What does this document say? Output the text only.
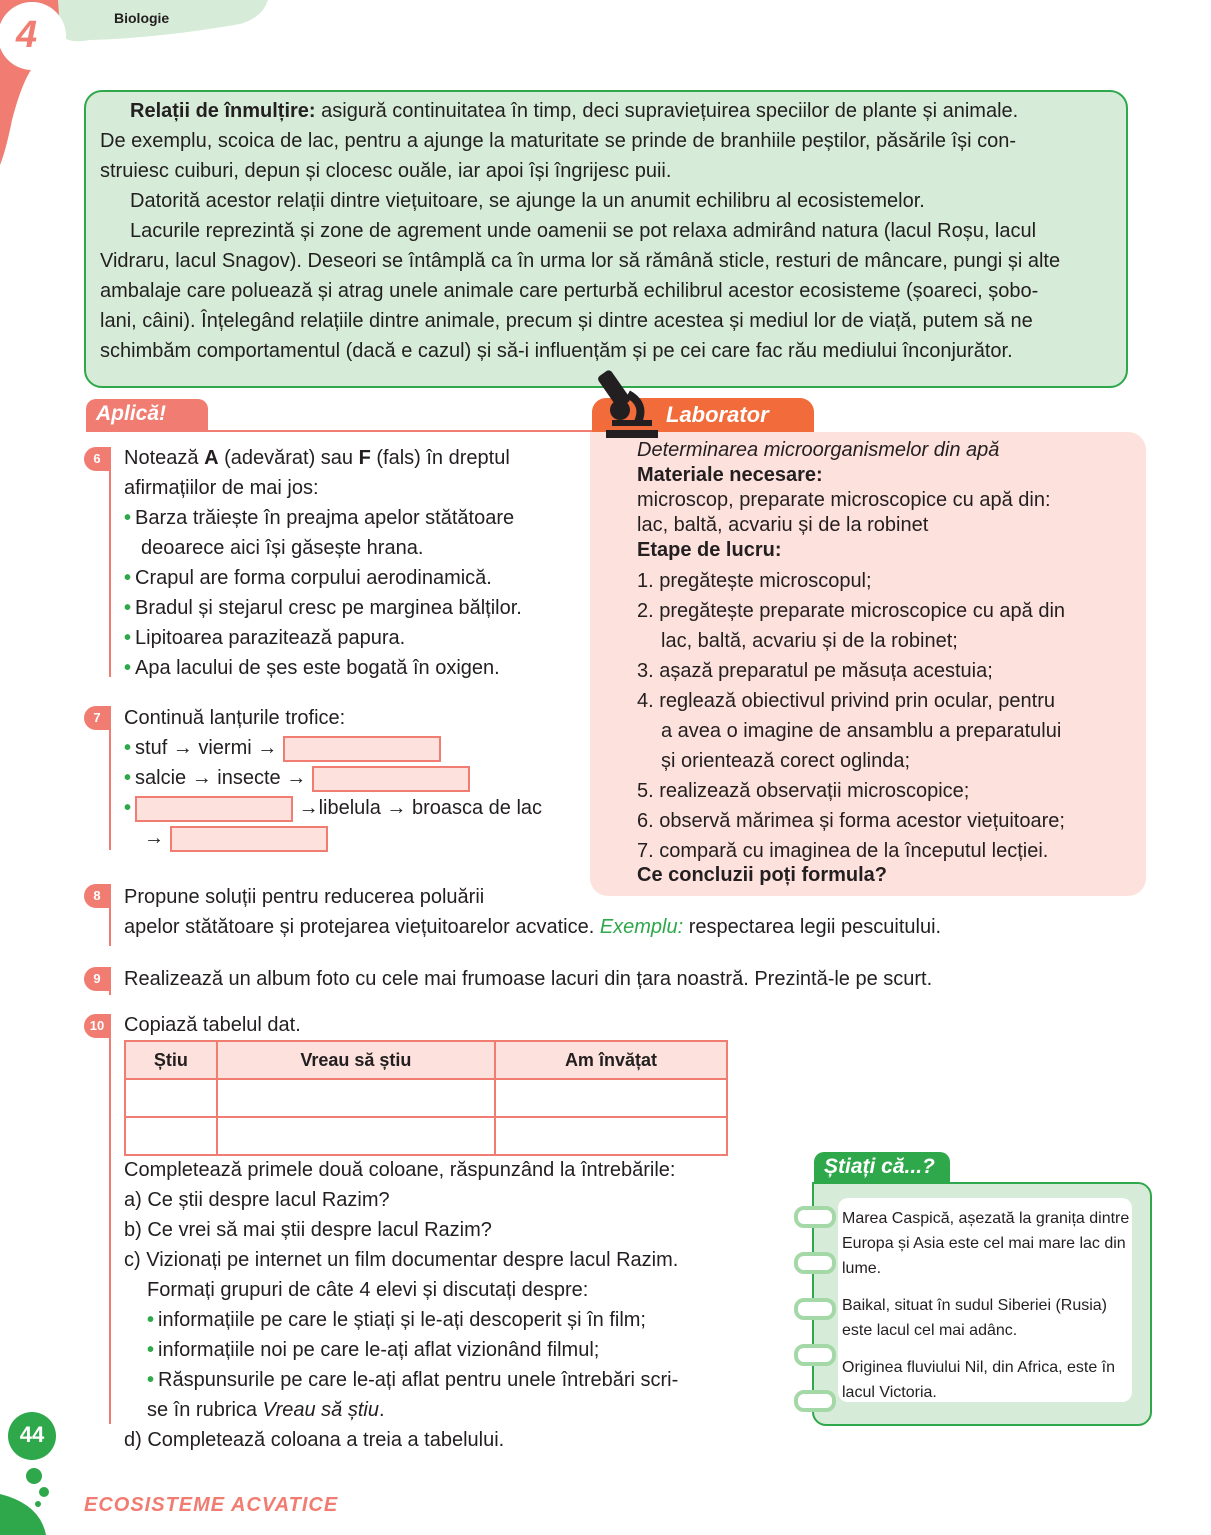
4	Biologie
Relații de înmulțire: asigură continuitatea în timp, deci supraviețuirea speciilor de plante și animale.
De exemplu, scoica de lac, pentru a ajunge la maturitate se prinde de branhiile peștilor, păsările își con-
struiesc cuiburi, depun și clocesc ouăle, iar apoi își îngrijesc puii.
Datorită acestor relații dintre viețuitoare, se ajunge la un anumit echilibru al ecosistemelor.
Lacurile reprezintă și zone de agrement unde oamenii se pot relaxa admirând natura (lacul Roșu, lacul
Vidraru, lacul Snagov). Deseori se întâmplă ca în urma lor să rămână sticle, resturi de mâncare, pungi și alte
ambalaje care poluează și atrag unele animale care perturbă echilibrul acestor ecosisteme (șoareci, șobo-
lani, câini). Înțelegând relațiile dintre animale, precum și dintre acestea și mediul lor de viață, putem să ne
schimbăm comportamentul (dacă e cazul) și să-i influențăm și pe cei care fac rău mediului înconjurător.
Aplică!	Laborator
Determinarea microorganismelor din apă
Materiale necesare:
microscop, preparate microscopice cu apă din:
lac, baltă, acvariu și de la robinet
Etape de lucru:
1. pregătește microscopul;
2. pregătește preparate microscopice cu apă din
lac, baltă, acvariu și de la robinet;
3. așază preparatul pe măsuța acestuia;
4. reglează obiectivul privind prin ocular, pentru
a avea o imagine de ansamblu a preparatului
și orientează corect oglinda;
5. realizează observații microscopice;
6. observă mărimea și forma acestor viețuitoare;
7. compară cu imaginea de la începutul lecției.
Ce concluzii poți formula?
6	Notează A (adevărat) sau F (fals) în dreptul
afirmațiilor de mai jos:
• Barza trăiește în preajma apelor stătătoare
deoarece aici își găsește hrana.
• Crapul are forma corpului aerodinamică.
• Bradul și stejarul cresc pe marginea bălților.
• Lipitoarea parazitează papura.
• Apa lacului de șes este bogată în oxigen.
7	Continuă lanțurile trofice:
• stuf → viermi →
• salcie → insecte →
•	→libelula → broasca de lac
→
8	Propune soluții pentru reducerea poluării
apelor stătătoare și protejarea viețuitoarelor acvatice. Exemplu: respectarea legii pescuitului.
9	Realizează un album foto cu cele mai frumoase lacuri din țara noastră. Prezintă-le pe scurt.
10 Copiază tabelul dat.
Știu	Vreau să știu	Am învățat

Completează primele două coloane, răspunzând la întrebările:
a) Ce știi despre lacul Razim?
b) Ce vrei să mai știi despre lacul Razim?
c) Vizionați pe internet un film documentar despre lacul Razim.
Formați grupuri de câte 4 elevi și discutați despre:
• informațiile pe care le știați și le-ați descoperit și în film;
• informațiile noi pe care le-ați aflat vizionând filmul;
• Răspunsurile pe care le-ați aflat pentru unele întrebări scri-
se în rubrica Vreau să știu.
d) Completează coloana a treia a tabelului.
Știați că...?
Marea Caspică, așezată la granița dintre
Europa și Asia este cel mai mare lac din
lume.
Baikal, situat în sudul Siberiei (Rusia)
este lacul cel mai adânc.
Originea fluviului Nil, din Africa, este în
lacul Victoria.
44
ECOSISTEME ACVATICE
